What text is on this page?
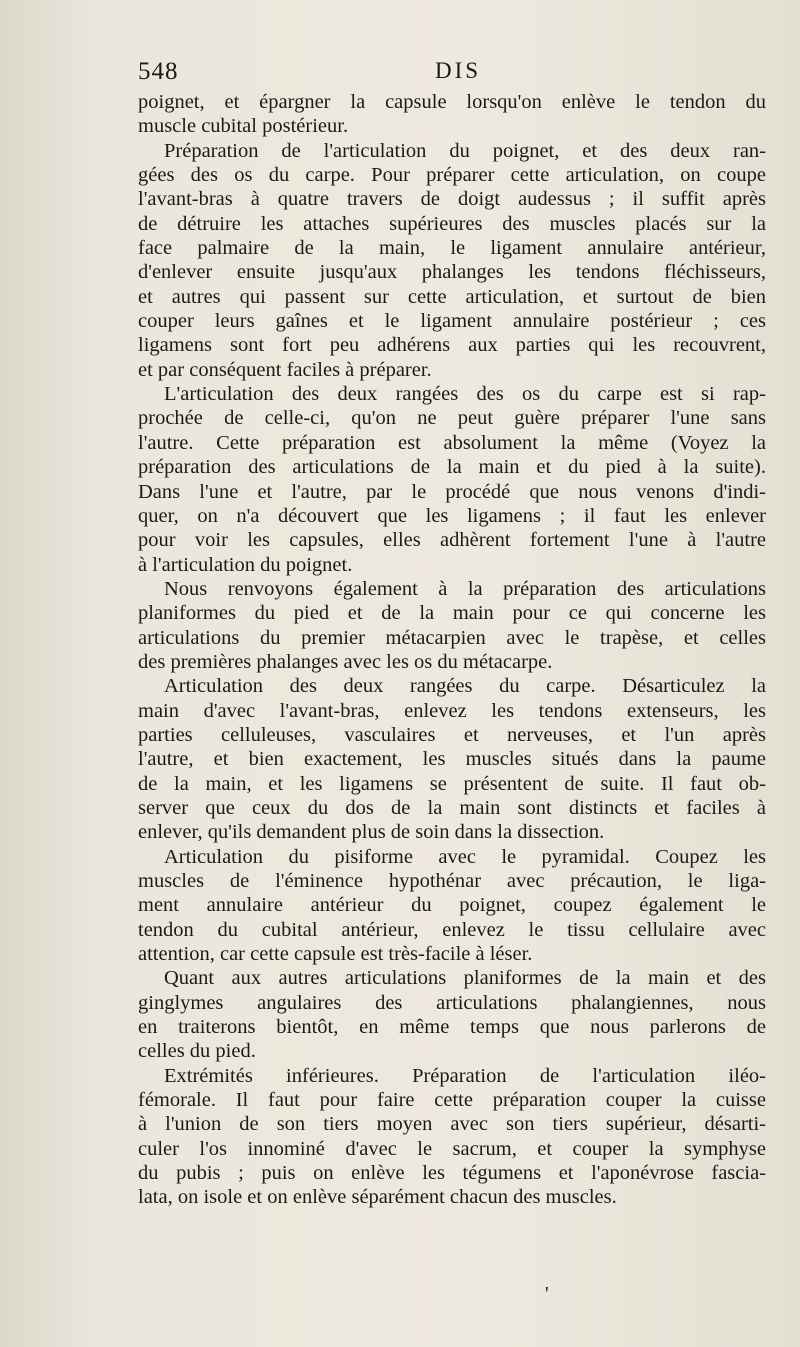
548	DIS
poignet, et épargner la capsule lorsqu'on enlève le tendon du
muscle cubital postérieur.
Préparation de l'articulation du poignet, et des deux ran-
gées des os du carpe. Pour préparer cette articulation, on coupe
l'avant-bras à quatre travers de doigt audessus ; il suffit après
de détruire les attaches supérieures des muscles placés sur la
face palmaire de la main, le ligament annulaire antérieur,
d'enlever ensuite jusqu'aux phalanges les tendons fléchisseurs,
et autres qui passent sur cette articulation, et surtout de bien
couper leurs gaînes et le ligament annulaire postérieur ; ces
ligamens sont fort peu adhérens aux parties qui les recouvrent,
et par conséquent faciles à préparer.
L'articulation des deux rangées des os du carpe est si rap-
prochée de celle-ci, qu'on ne peut guère préparer l'une sans
l'autre. Cette préparation est absolument la même (Voyez la
préparation des articulations de la main et du pied à la suite).
Dans l'une et l'autre, par le procédé que nous venons d'indi-
quer, on n'a découvert que les ligamens ; il faut les enlever
pour voir les capsules, elles adhèrent fortement l'une à l'autre
à l'articulation du poignet.
Nous renvoyons également à la préparation des articulations
planiformes du pied et de la main pour ce qui concerne les
articulations du premier métacarpien avec le trapèse, et celles
des premières phalanges avec les os du métacarpe.
Articulation des deux rangées du carpe. Désarticulez la
main d'avec l'avant-bras, enlevez les tendons extenseurs, les
parties celluleuses, vasculaires et nerveuses, et l'un après
l'autre, et bien exactement, les muscles situés dans la paume
de la main, et les ligamens se présentent de suite. Il faut ob-
server que ceux du dos de la main sont distincts et faciles à
enlever, qu'ils demandent plus de soin dans la dissection.
Articulation du pisiforme avec le pyramidal. Coupez les
muscles de l'éminence hypothénar avec précaution, le liga-
ment annulaire antérieur du poignet, coupez également le
tendon du cubital antérieur, enlevez le tissu cellulaire avec
attention, car cette capsule est très-facile à léser.
Quant aux autres articulations planiformes de la main et des
ginglymes angulaires des articulations phalangiennes, nous
en traiterons bientôt, en même temps que nous parlerons de
celles du pied.
Extrémités inférieures. Préparation de l'articulation iléo-
fémorale. Il faut pour faire cette préparation couper la cuisse
à l'union de son tiers moyen avec son tiers supérieur, désarti-
culer l'os innominé d'avec le sacrum, et couper la symphyse
du pubis ; puis on enlève les tégumens et l'aponévrose fascia-
lata, on isole et on enlève séparément chacun des muscles.
'
